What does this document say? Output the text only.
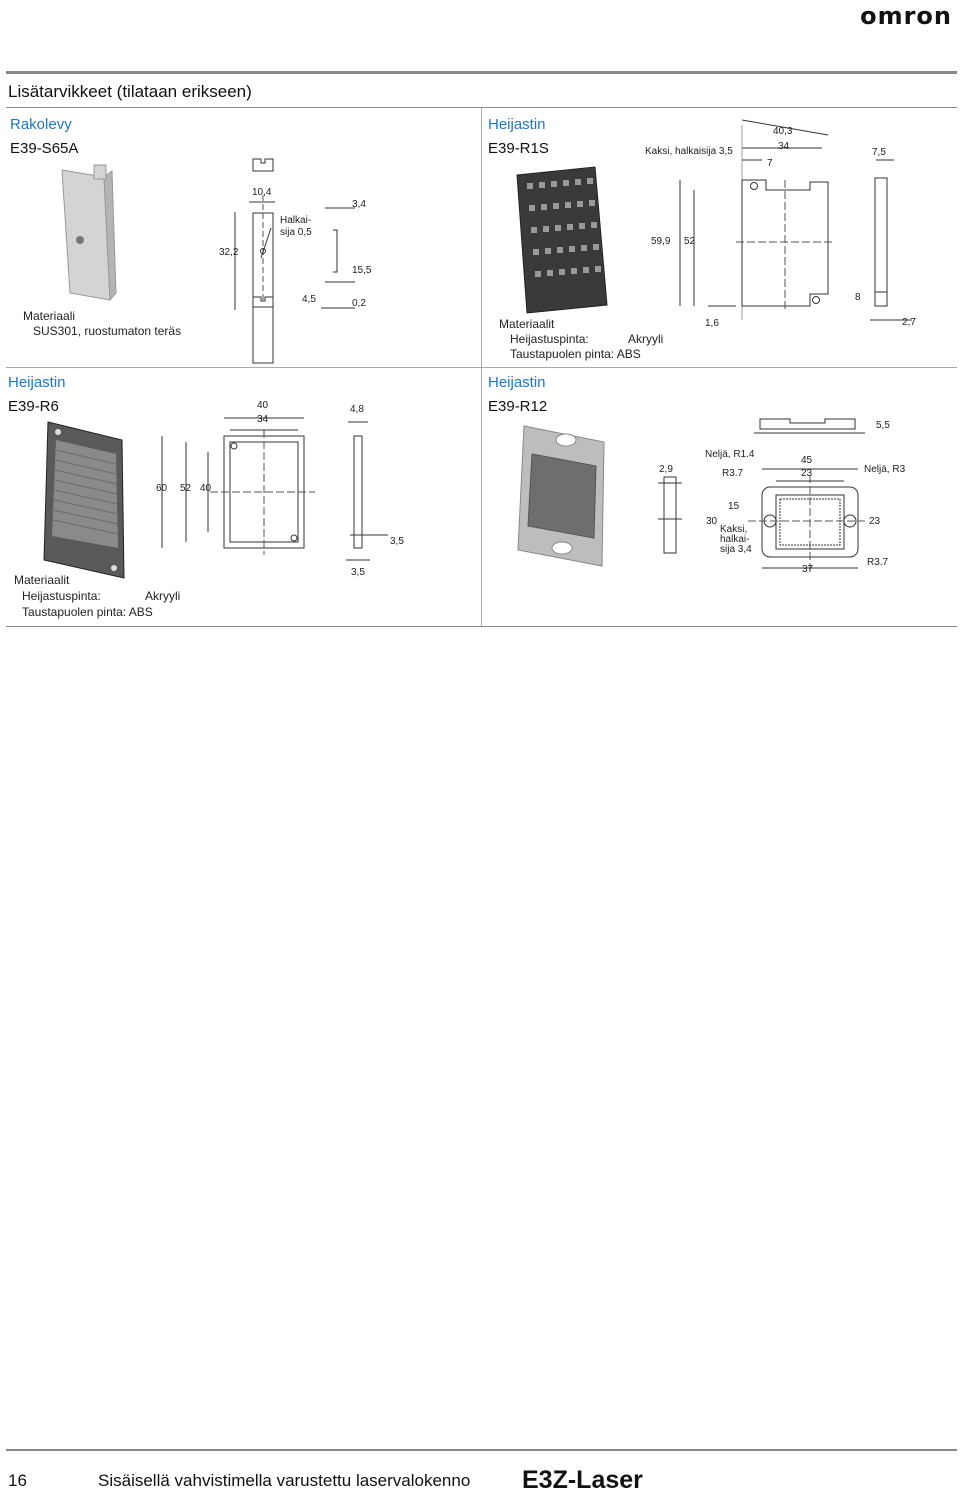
omron
Lisätarvikkeet (tilataan erikseen)
Rakolevy
E39-S65A
10,4
Halkai-
sija 0,5
3,4
32,2
15,5
4,5	0,2
Materiaali
SUS301, ruostumaton teräs
Heijastin
E39-R1S	Kaksi, halkaisija 3,5
40,3
34
7
7,5
59,9 52
8
1,6	2,7
Materiaalit
Heijastuspinta:	Akryyli
Taustapuolen pinta: ABS
Heijastin
E39-R6	40
34
4,8
60 52 40
3,5
3,5
Materiaalit
Heijastuspinta:	Akryyli
Taustapuolen pinta: ABS
Heijastin
E39-R12
5,5
Neljä, R1.4
2,9	R3.7
45
23	Neljä, R3
15
30
Kaksi,
halkai-
sija 3,4
23
37
R3.7
16	Sisäisellä vahvistimella varustettu laservalokenno E3Z-Laser
